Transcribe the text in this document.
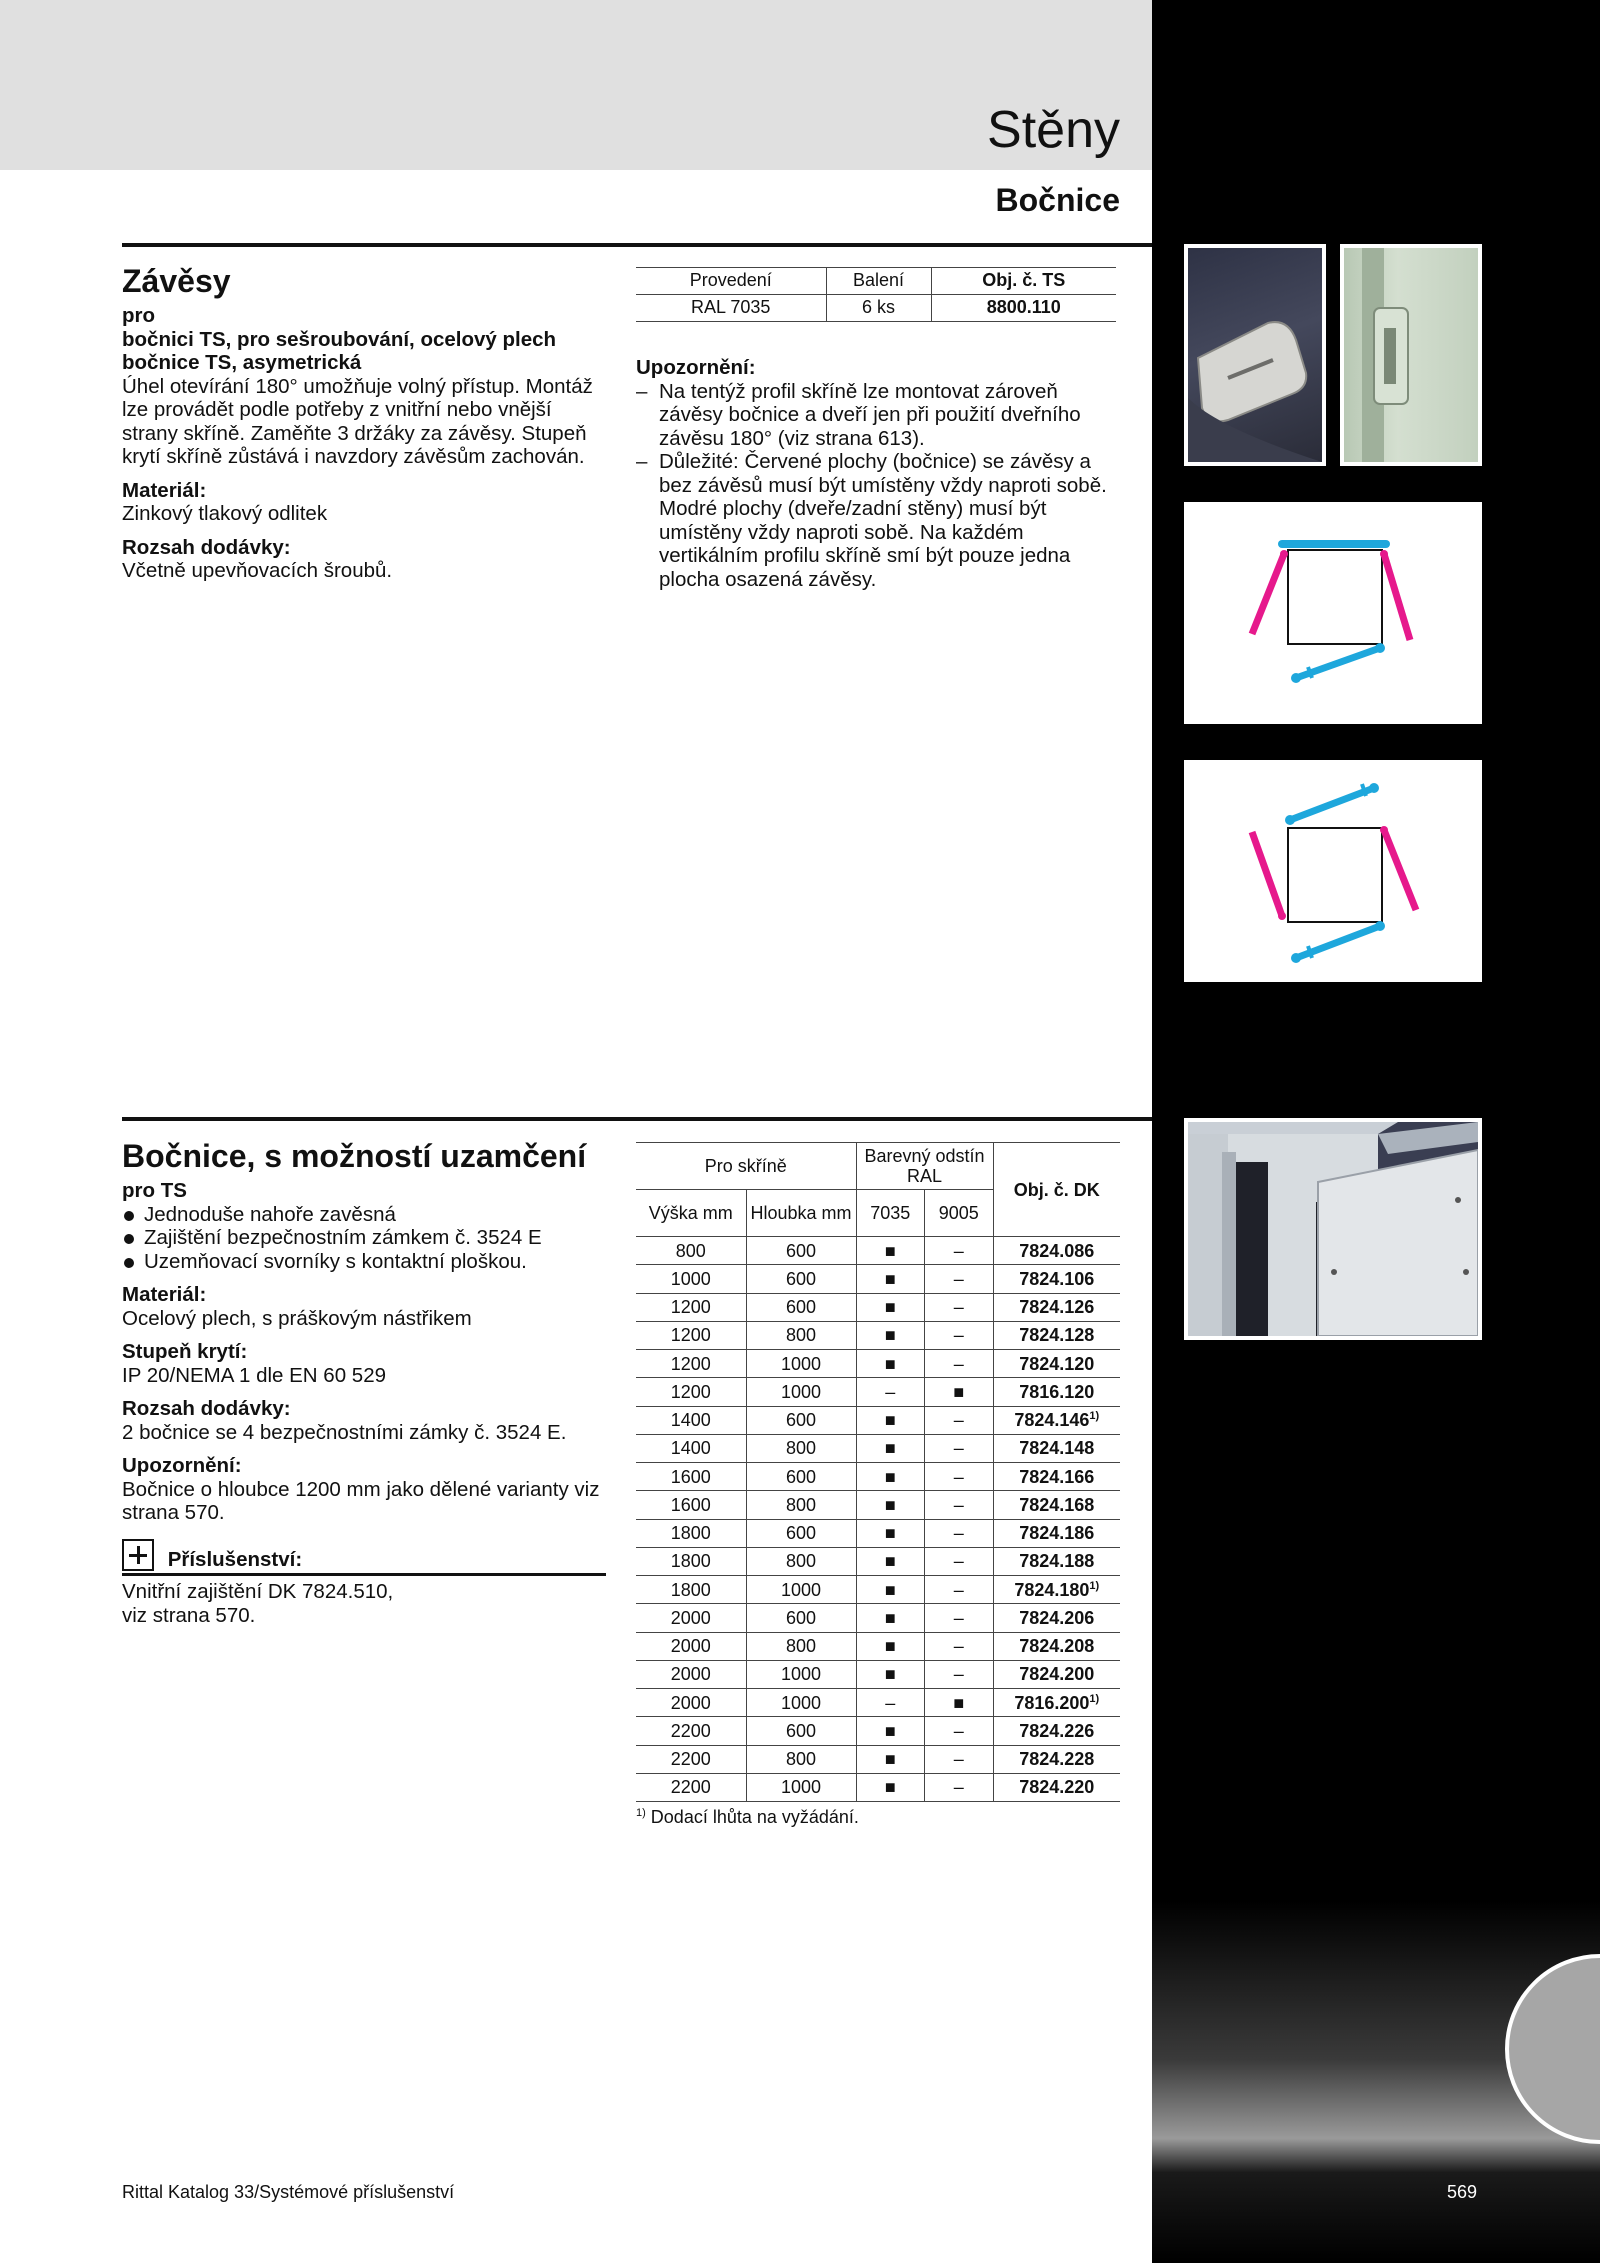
Stěny
Bočnice
Závěsy
pro
bočnici TS, pro sešroubování, ocelový plech
bočnice TS, asymetrická
Úhel otevírání 180° umožňuje volný přístup. Montáž lze provádět podle potřeby z vnitřní nebo vnější strany skříně. Zaměňte 3 držáky za závěsy. Stupeň krytí skříně zůstává i navzdory závěsům zachován.
Materiál:
Zinkový tlakový odlitek
Rozsah dodávky:
Včetně upevňovacích šroubů.
Provedení	Balení	Obj. č. TS
RAL 7035	6 ks	8800.110
Upozornění:
– Na tentýž profil skříně lze montovat zároveň závěsy bočnice a dveří jen při použití dveřního závěsu 180° (viz strana 613).
– Důležité: Červené plochy (bočnice) se závěsy a bez závěsů musí být umístěny vždy naproti sobě. Modré plochy (dveře/zadní stěny) musí být umístěny vždy naproti sobě. Na každém vertikálním profilu skříně smí být pouze jedna plocha osazená závěsy.
Bočnice, s možností uzamčení
pro TS
Jednoduše nahoře zavěsná
Zajištění bezpečnostním zámkem č. 3524 E
Uzemňovací svorníky s kontaktní ploškou.
Materiál:
Ocelový plech, s práškovým nástřikem
Stupeň krytí:
IP 20/NEMA 1 dle EN 60 529
Rozsah dodávky:
2 bočnice se 4 bezpečnostními zámky č. 3524 E.
Upozornění:
Bočnice o hloubce 1200 mm jako dělené varianty viz strana 570.
Příslušenství:
Vnitřní zajištění DK 7824.510, viz strana 570.
Pro skříně		Barevný odstín RAL		Obj. č. DK
Výška mm	Hloubka mm	7035	9005	
800	600	■	–	7824.086
1000	600	■	–	7824.106
1200	600	■	–	7824.126
1200	800	■	–	7824.128
1200	1000	■	–	7824.120
1200	1000	–	■	7816.120
1400	600	■	–	7824.146$^{1)}$
1400	800	■	–	7824.148
1600	600	■	–	7824.166
1600	800	■	–	7824.168
1800	600	■	–	7824.186
1800	800	■	–	7824.188
1800	1000	■	–	7824.180$^{1)}$
2000	600	■	–	7824.206
2000	800	■	–	7824.208
2000	1000	■	–	7824.200
2000	1000	–	■	7816.200$^{1)}$
2200	600	■	–	7824.226
2200	800	■	–	7824.228
2200	1000	■	–	7824.220
$^{1)}$ Dodací lhůta na vyžádání.
Rittal Katalog 33/Systémové příslušenství	569
